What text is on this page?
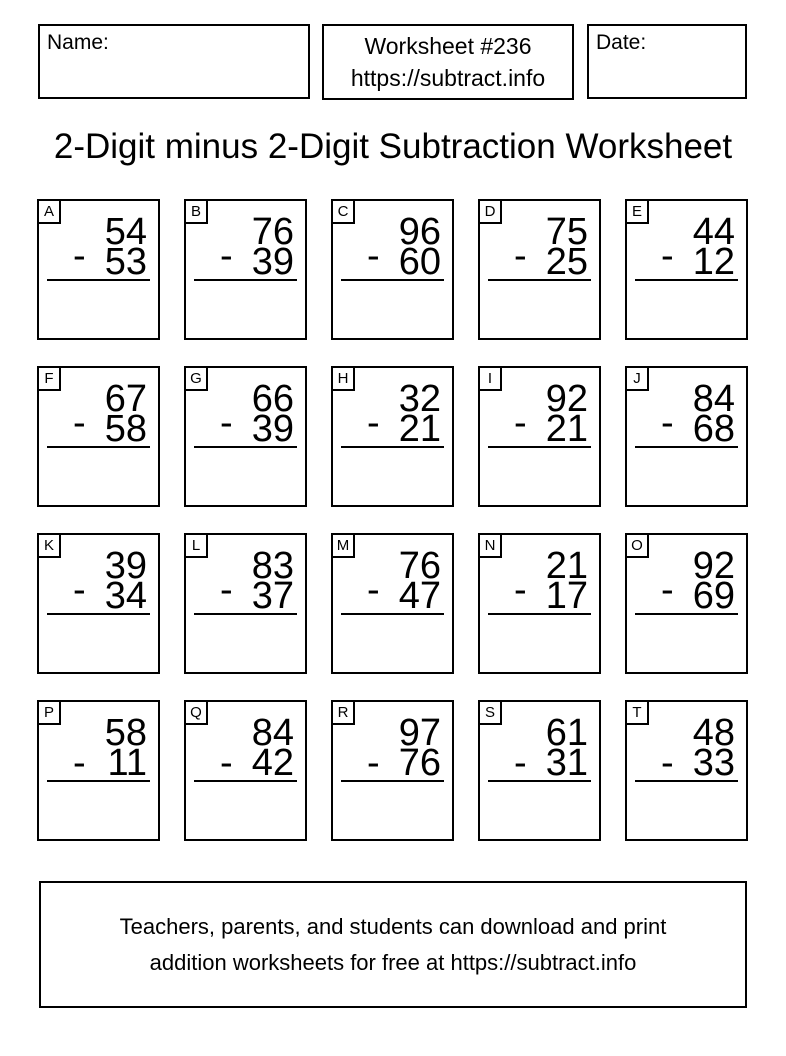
Name:	Worksheet #236
https://subtract.info
Date:
2-Digit minus 2-Digit Subtraction Worksheet
A	54
- 53
B	76
- 39
C	96
- 60
D	75
- 25
E	44
- 12
F	67
- 58
G	66
- 39
H	32
- 21
I	92
- 21
J	84
- 68
K	39
- 34
L	83
- 37
M	76
- 47
N	21
- 17
O	92
- 69
P	58
- 11
Q	84
- 42
R	97
- 76
S	61
- 31
T	48
- 33
Teachers, parents, and students can download and print
addition worksheets for free at https://subtract.info
